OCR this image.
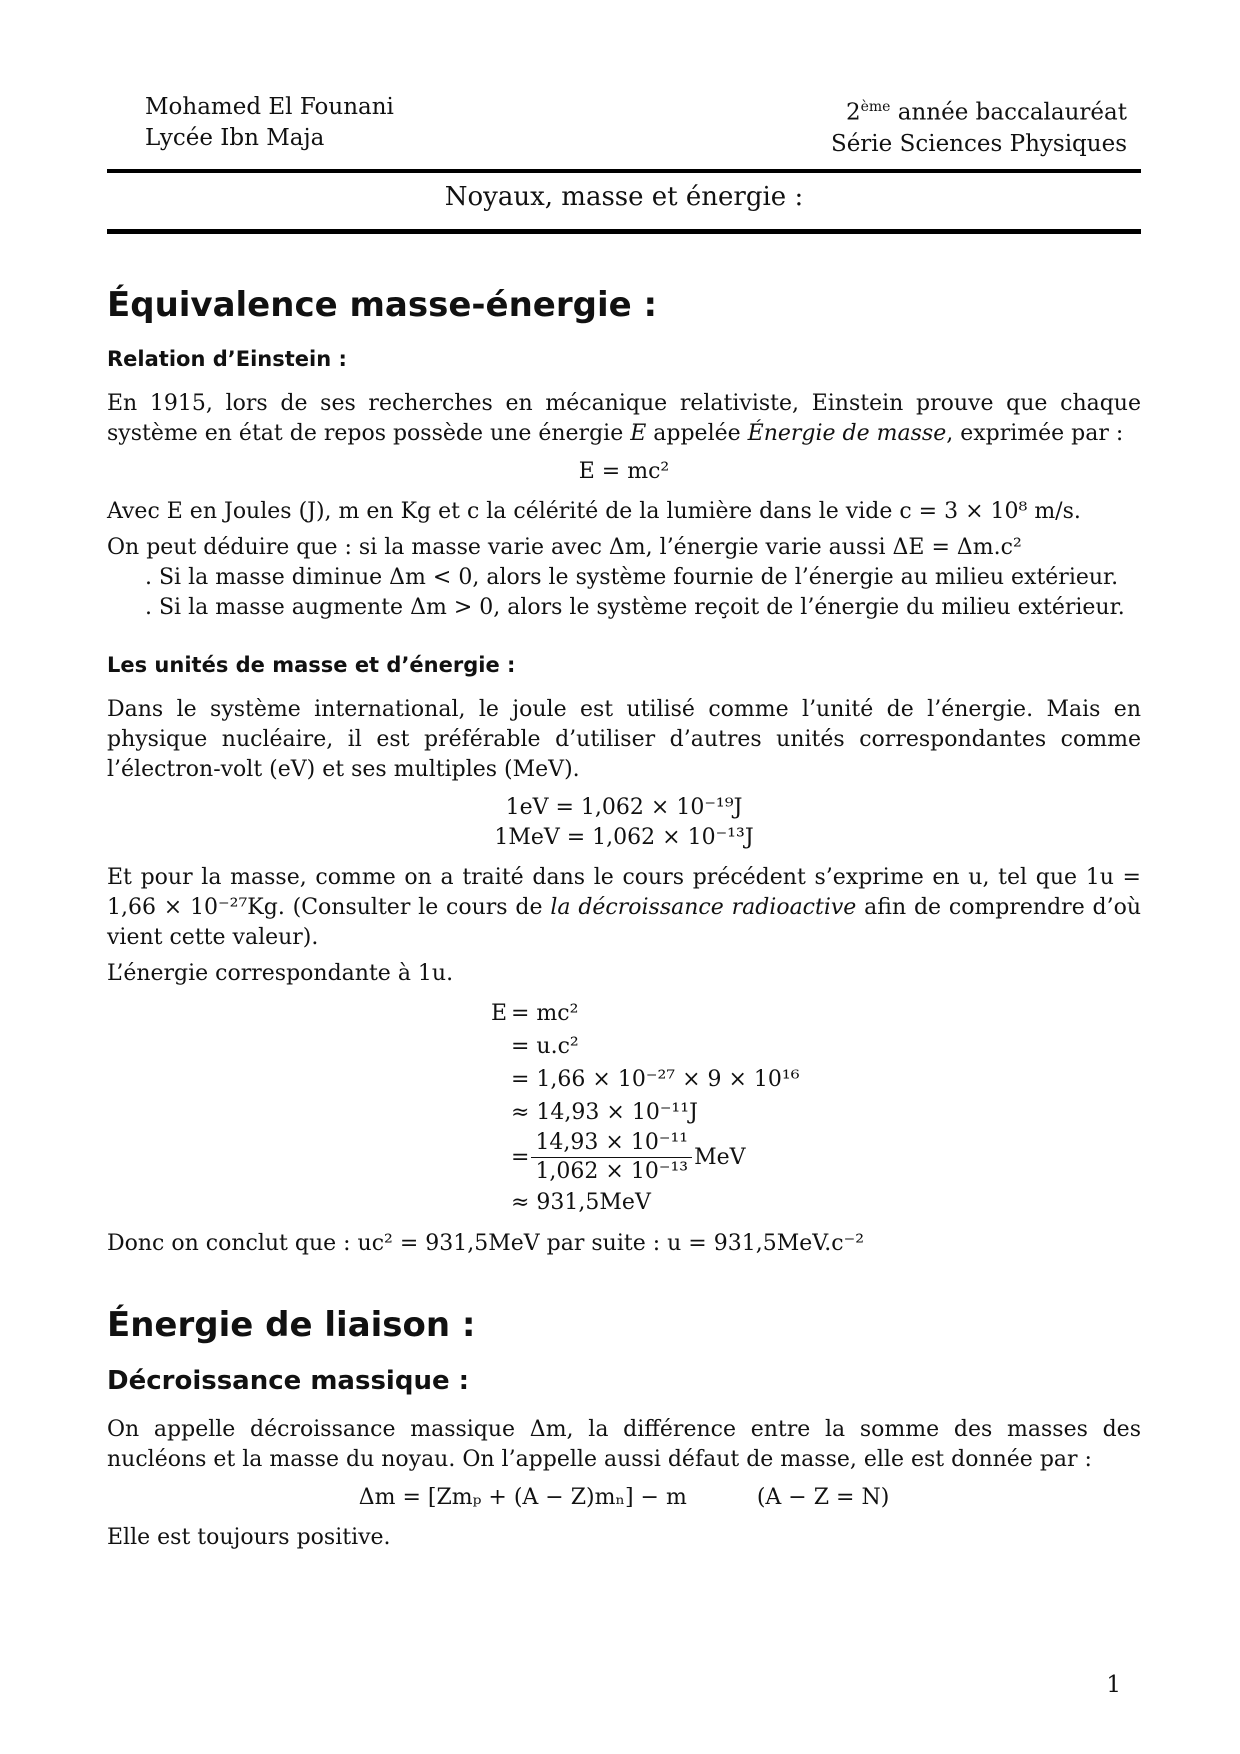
Mohamed El Founani
Lycée Ibn Maja
2ème année baccalauréat
Série Sciences Physiques
Noyaux, masse et énergie :
Équivalence masse-énergie :
Relation d’Einstein :

En 1915, lors de ses recherches en mécanique relativiste, Einstein prouve que chaque système en état de repos possède une énergie E appelée Énergie de masse, exprimée par :

E = mc²

Avec E en Joules (J), m en Kg et c la célérité de la lumière dans le vide c = 3 × 10⁸ m/s.

On peut déduire que : si la masse varie avec Δm, l’énergie varie aussi ΔE = Δm.c²

. Si la masse diminue Δm < 0, alors le système fournie de l’énergie au milieu extérieur.

. Si la masse augmente Δm > 0, alors le système reçoit de l’énergie du milieu extérieur.

Les unités de masse et d’énergie :

Dans le système international, le joule est utilisé comme l’unité de l’énergie. Mais en physique nucléaire, il est préférable d’utiliser d’autres unités correspondantes comme l’électron-volt (eV) et ses multiples (MeV).

1eV = 1,062 × 10⁻¹⁹J
1MeV = 1,062 × 10⁻¹³J

Et pour la masse, comme on a traité dans le cours précédent s’exprime en u, tel que 1u = 1,66 × 10⁻²⁷Kg. (Consulter le cours de la décroissance radioactive afin de comprendre d’où vient cette valeur).

L’énergie correspondante à 1u.

E = mc²
= u.c²
= 1,66 × 10⁻²⁷ × 9 × 10¹⁶
≈ 14,93 × 10⁻¹¹J
= $\frac{\text{14,93 × 10⁻¹¹}}{\text{1,062 × 10⁻¹³}}$ MeV
≈ 931,5MeV

Donc on conclut que : uc² = 931,5MeV par suite : u = 931,5MeV.c⁻²

Énergie de liaison :
Décroissance massique :

On appelle décroissance massique Δm, la différence entre la somme des masses des nucléons et la masse du noyau. On l’appelle aussi défaut de masse, elle est donnée par :

Δm = [Zmₚ + (A − Z)mₙ] − m	(A − Z = N)

Elle est toujours positive.

1
